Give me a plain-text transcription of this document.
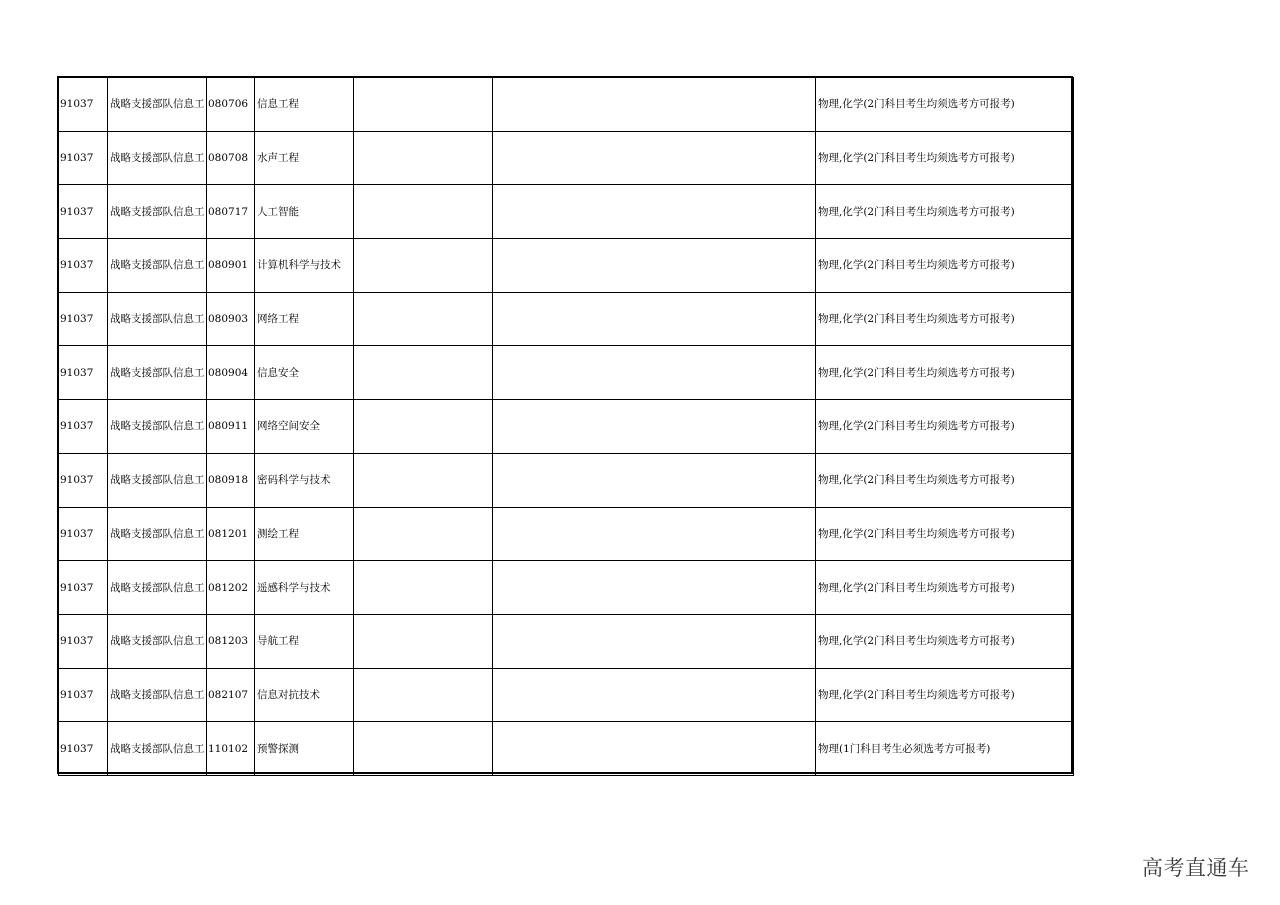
91037	战略支援部队信息工	080706	信息工程			物理,化学(2门科目考生均须选考方可报考)
91037	战略支援部队信息工	080708	水声工程			物理,化学(2门科目考生均须选考方可报考)
91037	战略支援部队信息工	080717	人工智能			物理,化学(2门科目考生均须选考方可报考)
91037	战略支援部队信息工	080901	计算机科学与技术			物理,化学(2门科目考生均须选考方可报考)
91037	战略支援部队信息工	080903	网络工程			物理,化学(2门科目考生均须选考方可报考)
91037	战略支援部队信息工	080904	信息安全			物理,化学(2门科目考生均须选考方可报考)
91037	战略支援部队信息工	080911	网络空间安全			物理,化学(2门科目考生均须选考方可报考)
91037	战略支援部队信息工	080918	密码科学与技术			物理,化学(2门科目考生均须选考方可报考)
91037	战略支援部队信息工	081201	测绘工程			物理,化学(2门科目考生均须选考方可报考)
91037	战略支援部队信息工	081202	遥感科学与技术			物理,化学(2门科目考生均须选考方可报考)
91037	战略支援部队信息工	081203	导航工程			物理,化学(2门科目考生均须选考方可报考)
91037	战略支援部队信息工	082107	信息对抗技术			物理,化学(2门科目考生均须选考方可报考)
91037	战略支援部队信息工	110102	预警探测			物理(1门科目考生必须选考方可报考)
高考直通车
